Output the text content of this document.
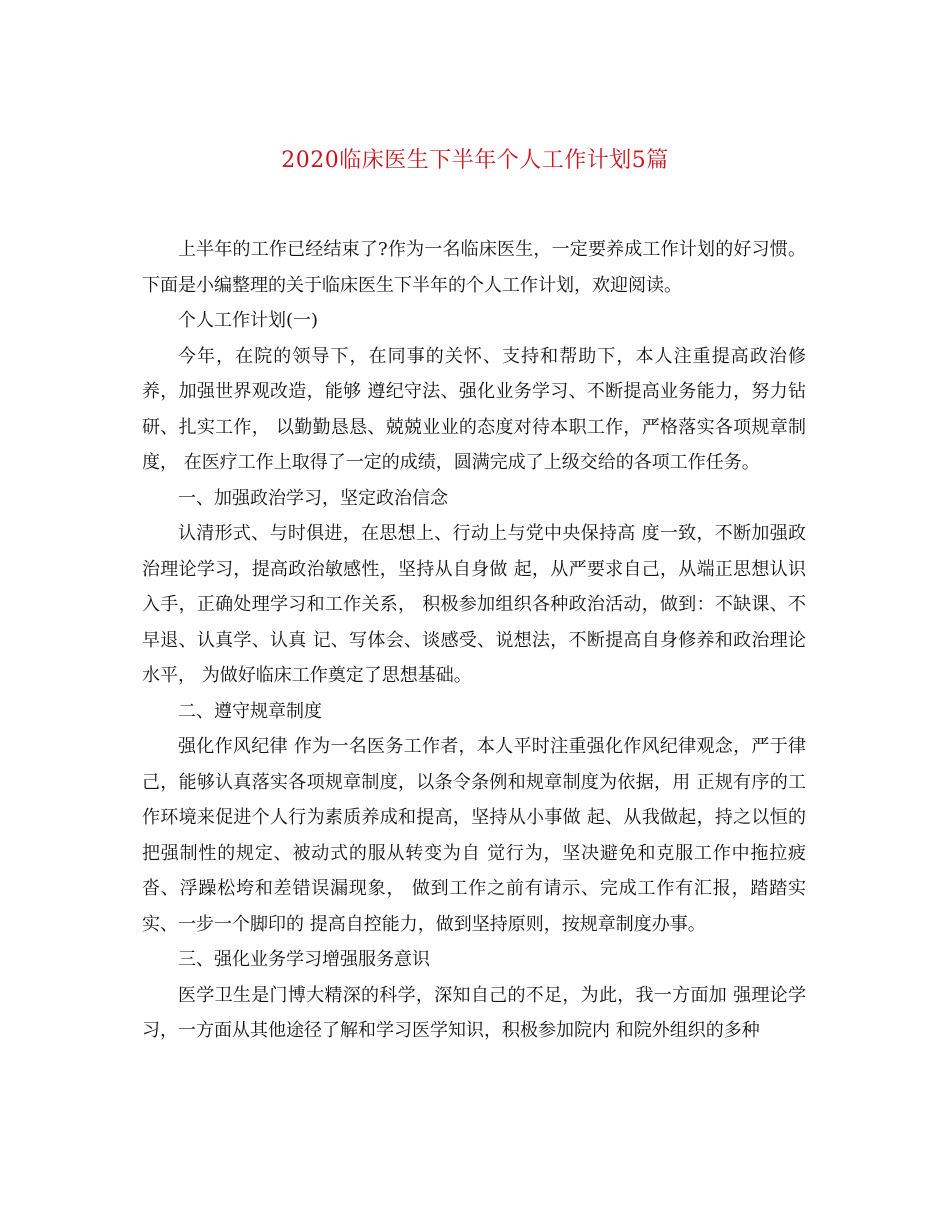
2020临床医生下半年个人工作计划5篇

上半年的工作已经结束了?作为一名临床医生，一定要养成工作计划的好习惯。下面是小编整理的关于临床医生下半年的个人工作计划，欢迎阅读。

个人工作计划(一)

今年，在院的领导下，在同事的关怀、支持和帮助下，本人注重提高政治修养，加强世界观改造，能够 遵纪守法、强化业务学习、不断提高业务能力，努力钻研、扎实工作， 以勤勤恳恳、兢兢业业的态度对待本职工作，严格落实各项规章制度， 在医疗工作上取得了一定的成绩，圆满完成了上级交给的各项工作任务。

一、加强政治学习，坚定政治信念

认清形式、与时俱进，在思想上、行动上与党中央保持高 度一致，不断加强政治理论学习，提高政治敏感性，坚持从自身做 起，从严要求自己，从端正思想认识入手，正确处理学习和工作关系， 积极参加组织各种政治活动，做到：不缺课、不早退、认真学、认真 记、写体会、谈感受、说想法，不断提高自身修养和政治理论水平， 为做好临床工作奠定了思想基础。

二、遵守规章制度

强化作风纪律 作为一名医务工作者，本人平时注重强化作风纪律观念，严于律 己，能够认真落实各项规章制度，以条令条例和规章制度为依据，用 正规有序的工作环境来促进个人行为素质养成和提高，坚持从小事做 起、从我做起，持之以恒的把强制性的规定、被动式的服从转变为自 觉行为，坚决避免和克服工作中拖拉疲沓、浮躁松垮和差错误漏现象， 做到工作之前有请示、完成工作有汇报，踏踏实实、一步一个脚印的 提高自控能力，做到坚持原则，按规章制度办事。

三、强化业务学习增强服务意识

医学卫生是门博大精深的科学，深知自己的不足，为此，我一方面加 强理论学习，一方面从其他途径了解和学习医学知识，积极参加院内 和院外组织的多种
